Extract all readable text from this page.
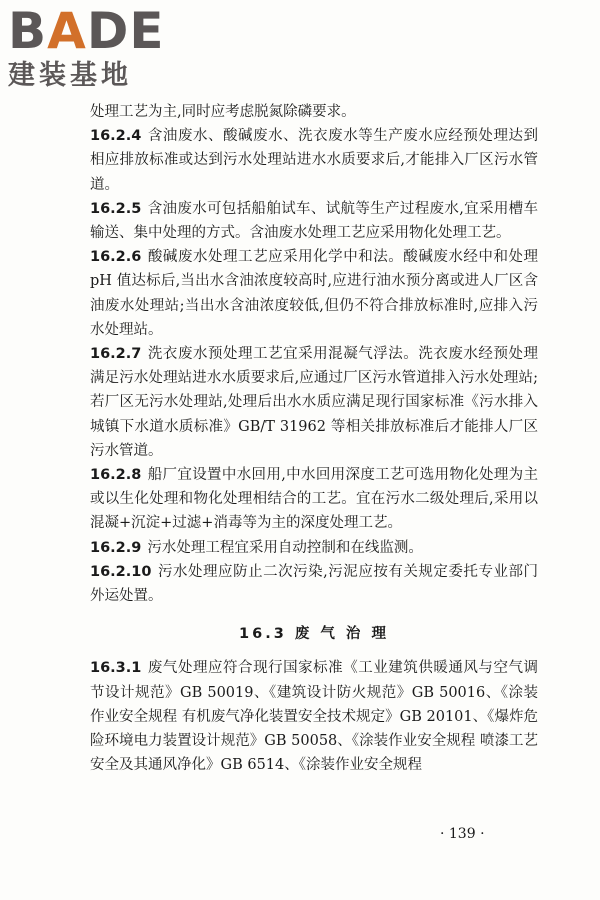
BADE
建装基地

处理工艺为主,同时应考虑脱氮除磷要求。

16.2.4 含油废水、酸碱废水、洗衣废水等生产废水应经预处理达到相应排放标准或达到污水处理站进水水质要求后,才能排入厂区污水管道。

16.2.5 含油废水可包括船舶试车、试航等生产过程废水,宜采用槽车输送、集中处理的方式。含油废水处理工艺应采用物化处理工艺。

16.2.6 酸碱废水处理工艺应采用化学中和法。酸碱废水经中和处理 pH 值达标后,当出水含油浓度较高时,应进行油水预分离或进人厂区含油废水处理站;当出水含油浓度较低,但仍不符合排放标准时,应排入污水处理站。

16.2.7 洗衣废水预处理工艺宜采用混凝气浮法。洗衣废水经预处理满足污水处理站进水水质要求后,应通过厂区污水管道排入污水处理站;若厂区无污水处理站,处理后出水水质应满足现行国家标准《污水排入城镇下水道水质标准》GB/T 31962 等相关排放标准后才能排人厂区污水管道。

16.2.8 船厂宜设置中水回用,中水回用深度工艺可选用物化处理为主或以生化处理和物化处理相结合的工艺。宜在污水二级处理后,采用以混凝+沉淀+过滤+消毒等为主的深度处理工艺。

16.2.9 污水处理工程宜采用自动控制和在线监测。

16.2.10 污水处理应防止二次污染,污泥应按有关规定委托专业部门外运处置。

16.3 废 气 治 理

16.3.1 废气处理应符合现行国家标准《工业建筑供暖通风与空气调节设计规范》GB 50019、《建筑设计防火规范》GB 50016、《涂装作业安全规程 有机废气净化装置安全技术规定》GB 20101、《爆炸危险环境电力装置设计规范》GB 50058、《涂装作业安全规程 喷漆工艺安全及其通风净化》GB 6514、《涂装作业安全规程

· 139 ·
